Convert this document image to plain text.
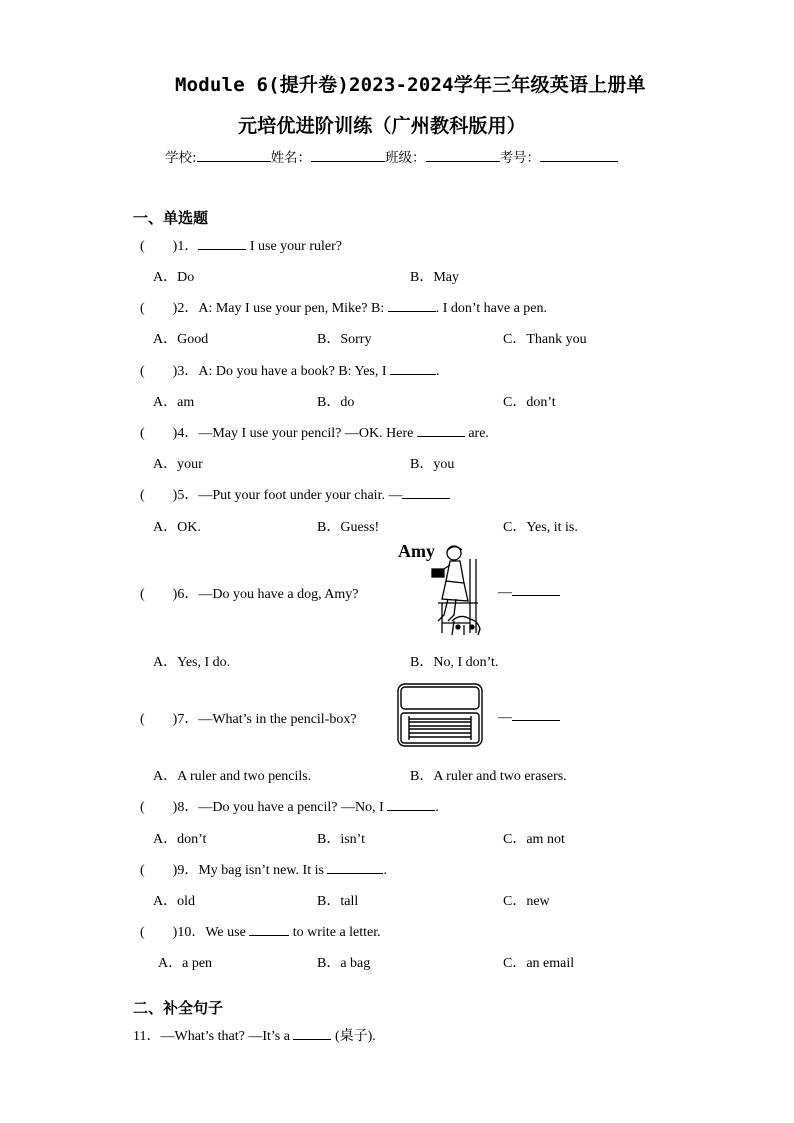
Module 6(提升卷)2023-2024学年三年级英语上册单
元培优进阶训练（广州教科版用）
学校:	姓名：	班级：	考号：
一、单选题
(　　)1．	I use your ruler?
A．Do	B．May
(　　)2．A: May I use your pen, Mike? B:	. I don’t have a pen.
A．Good	B．Sorry	C．Thank you
(　　)3．A: Do you have a book? B: Yes, I	.
A．am	B．do	C．don’t
(　　)4．—May I use your pencil? —OK. Here	are.
A．your	B．you
(　　)5．—Put your foot under your chair. —
A．OK.	B．Guess!	C．Yes, it is.
(　　)6．—Do you have a dog, Amy?
Amy
—
A．Yes, I do.	B．No, I don’t.
(　　)7．—What’s in the pencil-box?	—
A．A ruler and two pencils.	B．A ruler and two erasers.
(　　)8．—Do you have a pencil? —No, I	.
A．don’t	B．isn’t	C．am not
(　　)9．My bag isn’t new. It is	.
A．old	B．tall	C．new
(　　)10．We use	to write a letter.
A．a pen	B．a bag	C．an email
二、补全句子
11．—What’s that? —It’s a	(桌子).
